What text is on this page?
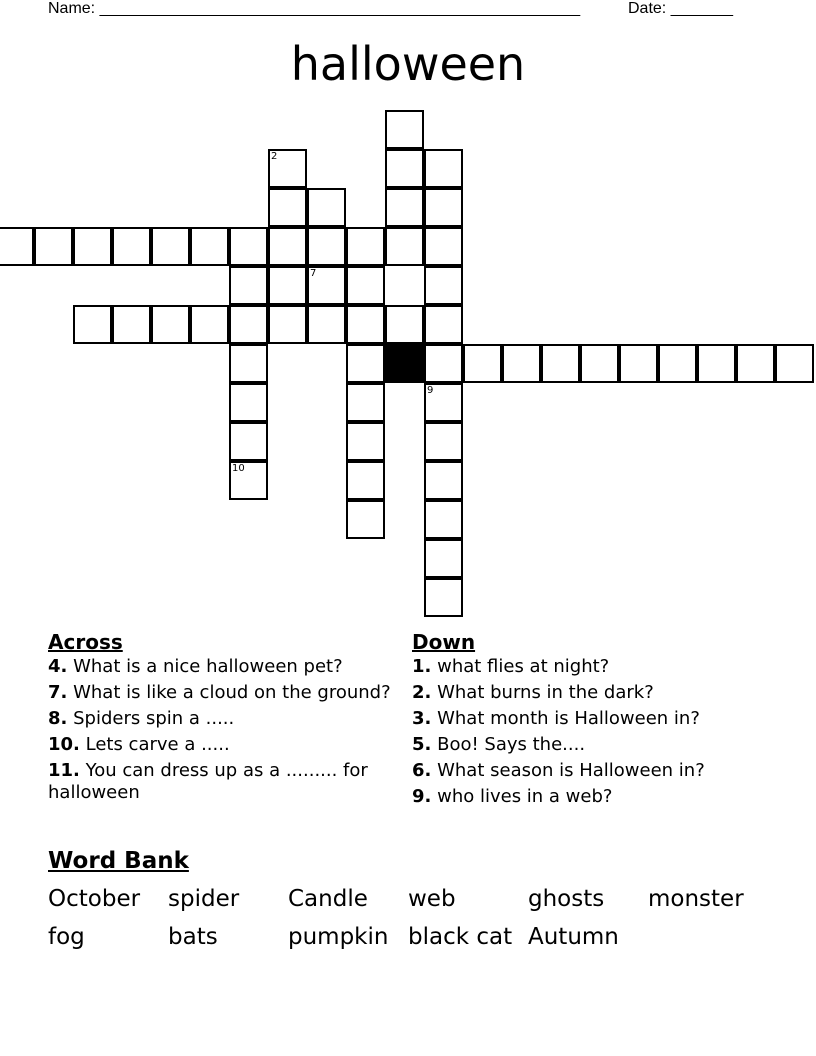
Name: ______________________________________________________	Date: _______
halloween
9
10
7
2
Across
4. What is a nice halloween pet?
7. What is like a cloud on the ground?
8. Spiders spin a .....
10. Lets carve a .....
11. You can dress up as a ......... for halloween
Down
1. what flies at night?
2. What burns in the dark?
3. What month is Halloween in?
5. Boo! Says the....
6. What season is Halloween in?
9. who lives in a web?
Word Bank
October spider Candle web	ghosts monster
fog	bats	pumpkin black cat Autumn
